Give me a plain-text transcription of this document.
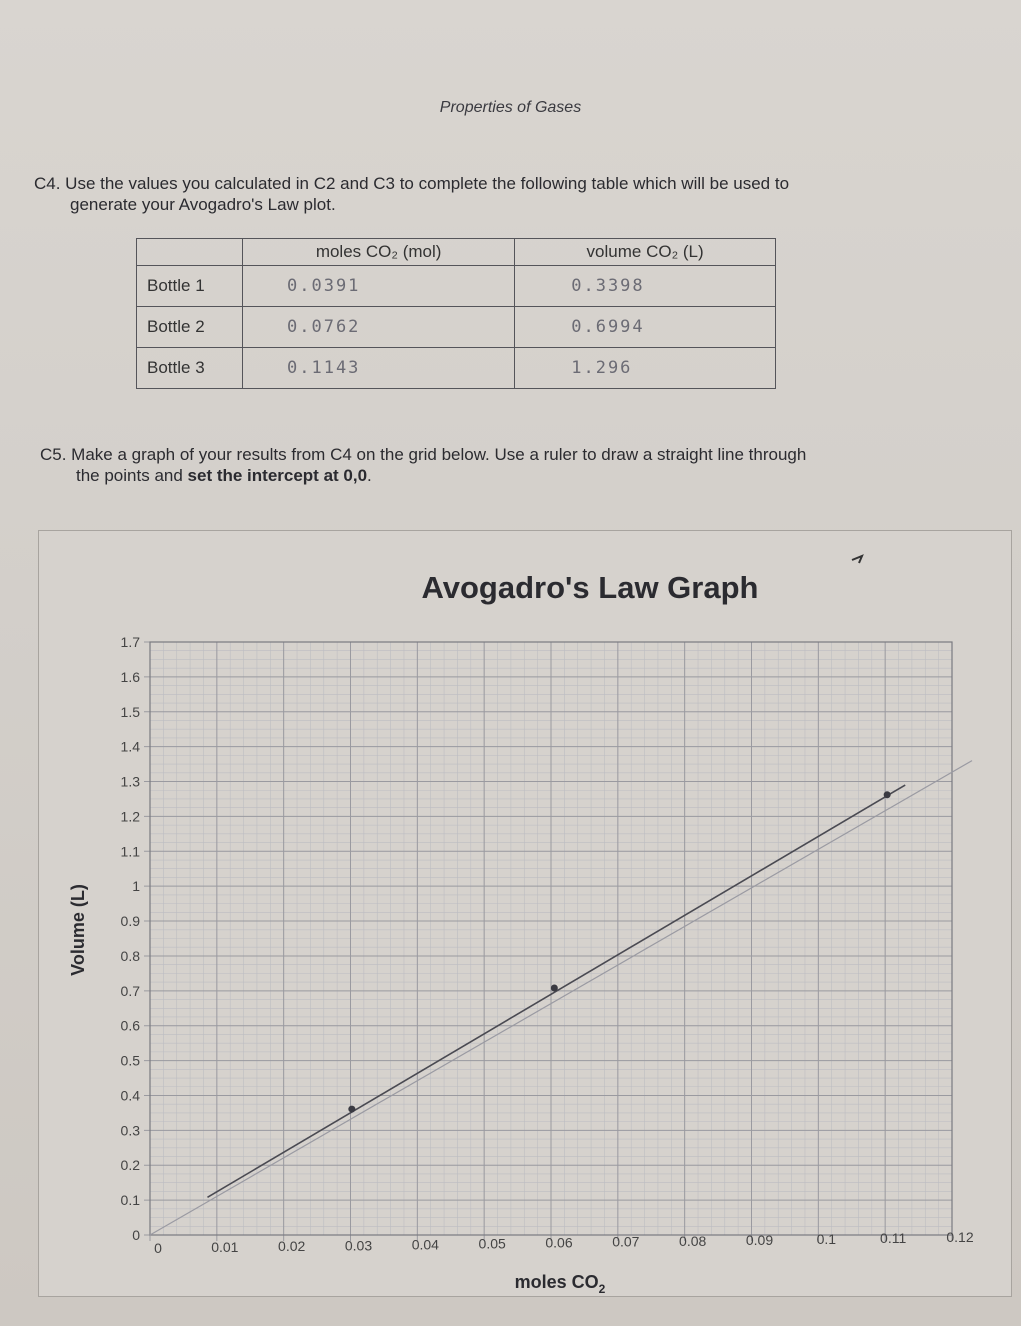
Properties of Gases
C4. Use the values you calculated in C2 and C3 to complete the following table which will be used to
generate your Avogadro's Law plot.
	moles CO₂ (mol)	volume CO₂ (L)
Bottle 1	0.0391	0.3398
Bottle 2	0.0762	0.6994
Bottle 3	0.1143	1.296
C5. Make a graph of your results from C4 on the grid below. Use a ruler to draw a straight line through
the points and set the intercept at 0,0.
Avogadro's Law Graph
0
0.1
0.2
0.3
0.4
0.5
0.6
0.7
0.8
0.9
1
1.1
1.2
1.3
1.4
1.5
1.6
1.7
0	0.01	0.02	0.03	0.04	0.05	0.06	0.07	0.08	0.09	0.1	0.11	0.12
Volume (L)
moles $CO_2$
